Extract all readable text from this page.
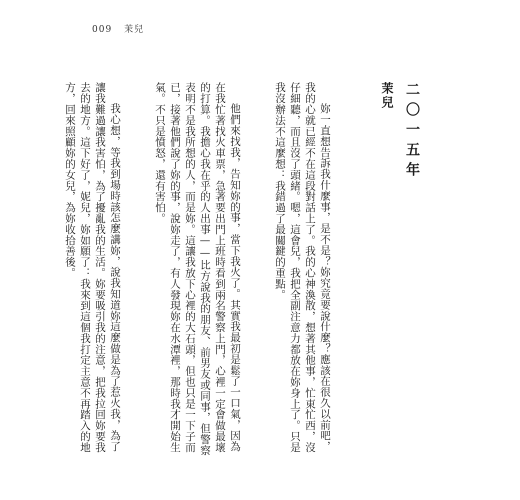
009 茉兒
二〇一五年
茉兒

妳一直想告訴我什麼事，是不是？妳究竟要說什麼？應該在很久以前吧，我的心就已經不在這段對話上了。我的心神渙散，想著其他事，忙東忙西，沒仔細聽，而且沒了頭緒。嗯，這會兒，我把全副注意力都放在妳身上了。只是我沒辦法不這麼想：我錯過了最關鍵的重點。

他們來找我，告知妳的事，當下我火了。其實我最初是鬆了一口氣，因為在我忙著找火車票，急著要出門上班時看到兩名警察上門，心裡一定會做最壞的打算。我擔心我在乎的人出事——比方說我的朋友、前男友或同事，但警察表明不是我所想的人，而是妳。這讓我放下心裡的大石頭，但也只是一下子而已，接著他們說了妳的事，說妳走了，有人發現妳在水潭裡，那時我才開始生氣。不只是憤怒，還有害怕。

我心想，等我到場時該怎麼講妳，說我知道妳這麼做是為了惹火我，為了讓我難過讓我害怕，為了擾亂我的生活。妳要吸引我的注意，把我拉回妳要我去的地方。這下好了，妮兒，妳如願了：我來到這個我打定主意不再踏入的地方，回來照顧妳的女兒，為妳收拾善後。
